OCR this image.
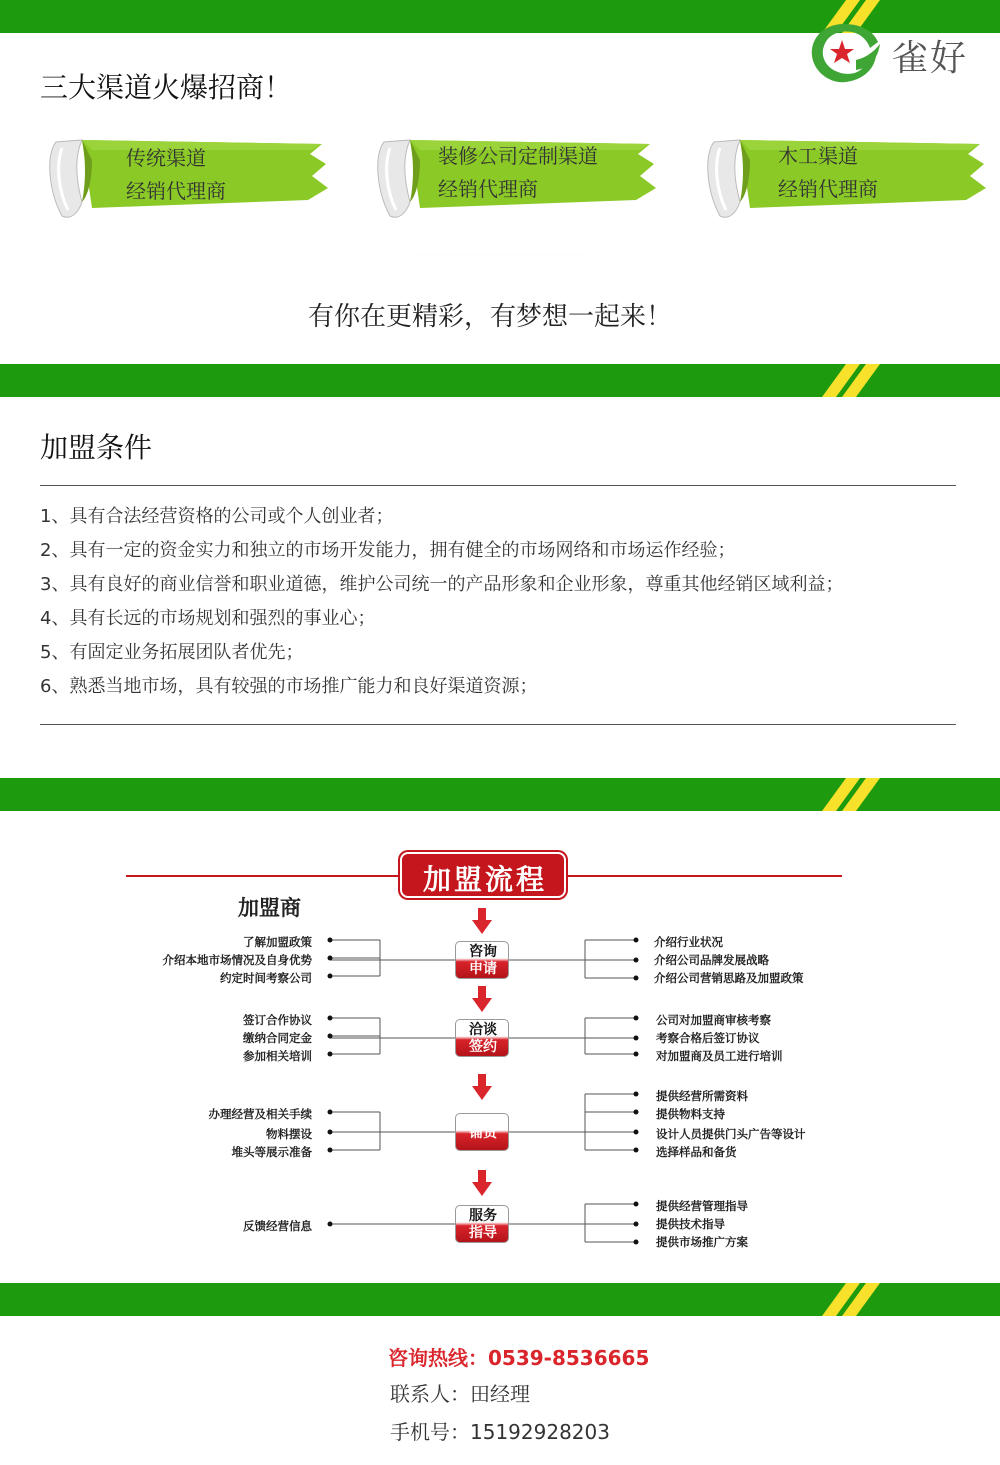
雀好
三大渠道火爆招商！
传统渠道
经销代理商
装修公司定制渠道
经销代理商
木工渠道
经销代理商
有你在更精彩，有梦想一起来！
加盟条件
1、具有合法经营资格的公司或个人创业者；
2、具有一定的资金实力和独立的市场开发能力，拥有健全的市场网络和市场运作经验；
3、具有良好的商业信誉和职业道德，维护公司统一的产品形象和企业形象，尊重其他经销区域利益；
4、具有长远的市场规划和强烈的事业心；
5、有固定业务拓展团队者优先；
6、熟悉当地市场，具有较强的市场推广能力和良好渠道资源；
加盟流程
加盟商
了解加盟政策
介绍本地市场情况及自身优势
约定时间考察公司
咨询
申请
介绍行业状况
介绍公司品牌发展战略
介绍公司营销思路及加盟政策
签订合作协议
缴纳合同定金
参加相关培训
洽谈
签约
公司对加盟商审核考察
考察合格后签订协议
对加盟商及员工进行培训
办理经营及相关手续
物料摆设
堆头等展示准备
铺货
提供经营所需资料
提供物料支持
设计人员提供门头广告等设计
选择样品和备货
反馈经营信息
服务
指导
提供经营管理指导
提供技术指导
提供市场推广方案
咨询热线：0539-8536665
联系人：田经理
手机号：15192928203
